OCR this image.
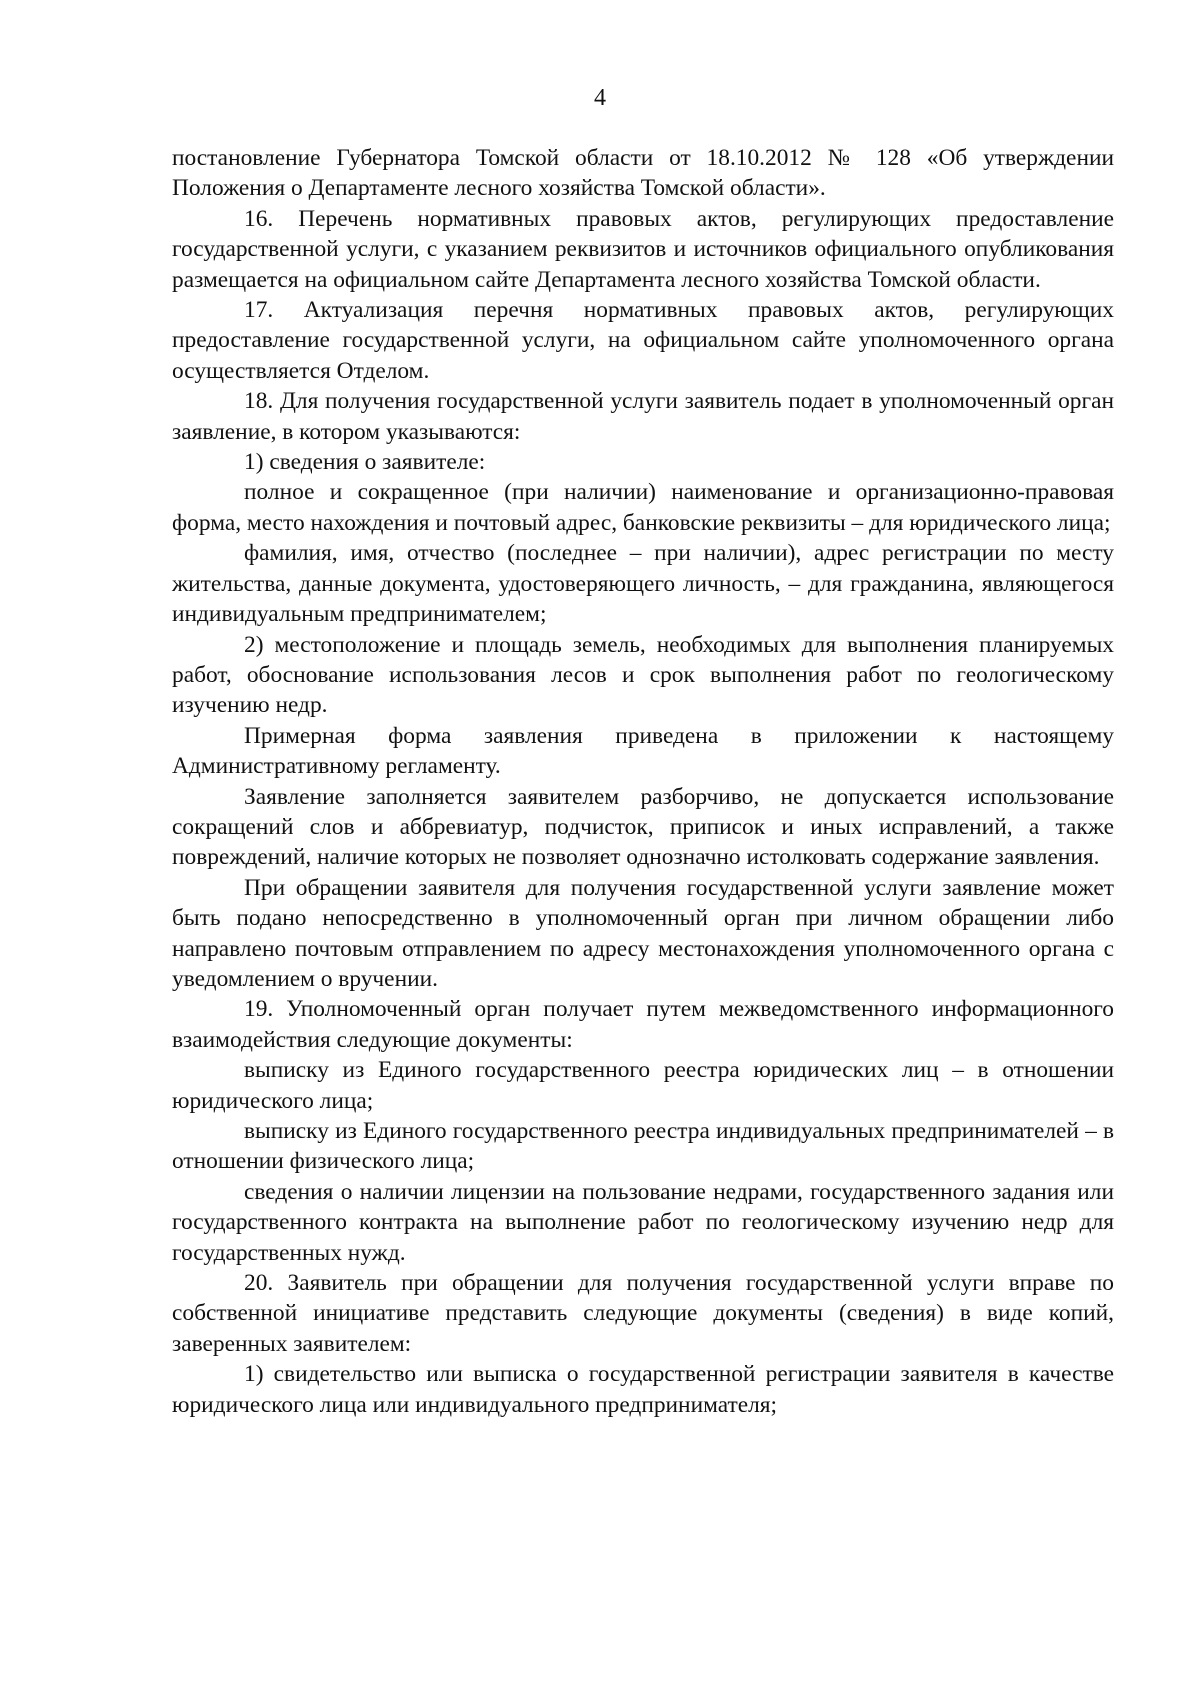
4

постановление Губернатора Томской области от 18.10.2012 № 128 «Об утверждении Положения о Департаменте лесного хозяйства Томской области».

16. Перечень нормативных правовых актов, регулирующих предоставление государственной услуги, с указанием реквизитов и источников официального опубликования размещается на официальном сайте Департамента лесного хозяйства Томской области.

17. Актуализация перечня нормативных правовых актов, регулирующих предоставление государственной услуги, на официальном сайте уполномоченного органа осуществляется Отделом.

18. Для получения государственной услуги заявитель подает в уполномоченный орган заявление, в котором указываются:

1) сведения о заявителе:

полное и сокращенное (при наличии) наименование и организационно-правовая форма, место нахождения и почтовый адрес, банковские реквизиты – для юридического лица;

фамилия, имя, отчество (последнее – при наличии), адрес регистрации по месту жительства, данные документа, удостоверяющего личность, – для гражданина, являющегося индивидуальным предпринимателем;

2) местоположение и площадь земель, необходимых для выполнения планируемых работ, обоснование использования лесов и срок выполнения работ по геологическому изучению недр.

Примерная форма заявления приведена в приложении к настоящему Административному регламенту.

Заявление заполняется заявителем разборчиво, не допускается использование сокращений слов и аббревиатур, подчисток, приписок и иных исправлений, а также повреждений, наличие которых не позволяет однозначно истолковать содержание заявления.

При обращении заявителя для получения государственной услуги заявление может быть подано непосредственно в уполномоченный орган при личном обращении либо направлено почтовым отправлением по адресу местонахождения уполномоченного органа с уведомлением о вручении.

19. Уполномоченный орган получает путем межведомственного информационного взаимодействия следующие документы:

выписку из Единого государственного реестра юридических лиц – в отношении юридического лица;

выписку из Единого государственного реестра индивидуальных предпринимателей – в отношении физического лица;

сведения о наличии лицензии на пользование недрами, государственного задания или государственного контракта на выполнение работ по геологическому изучению недр для государственных нужд.

20. Заявитель при обращении для получения государственной услуги вправе по собственной инициативе представить следующие документы (сведения) в виде копий, заверенных заявителем:

1) свидетельство или выписка о государственной регистрации заявителя в качестве юридического лица или индивидуального предпринимателя;
